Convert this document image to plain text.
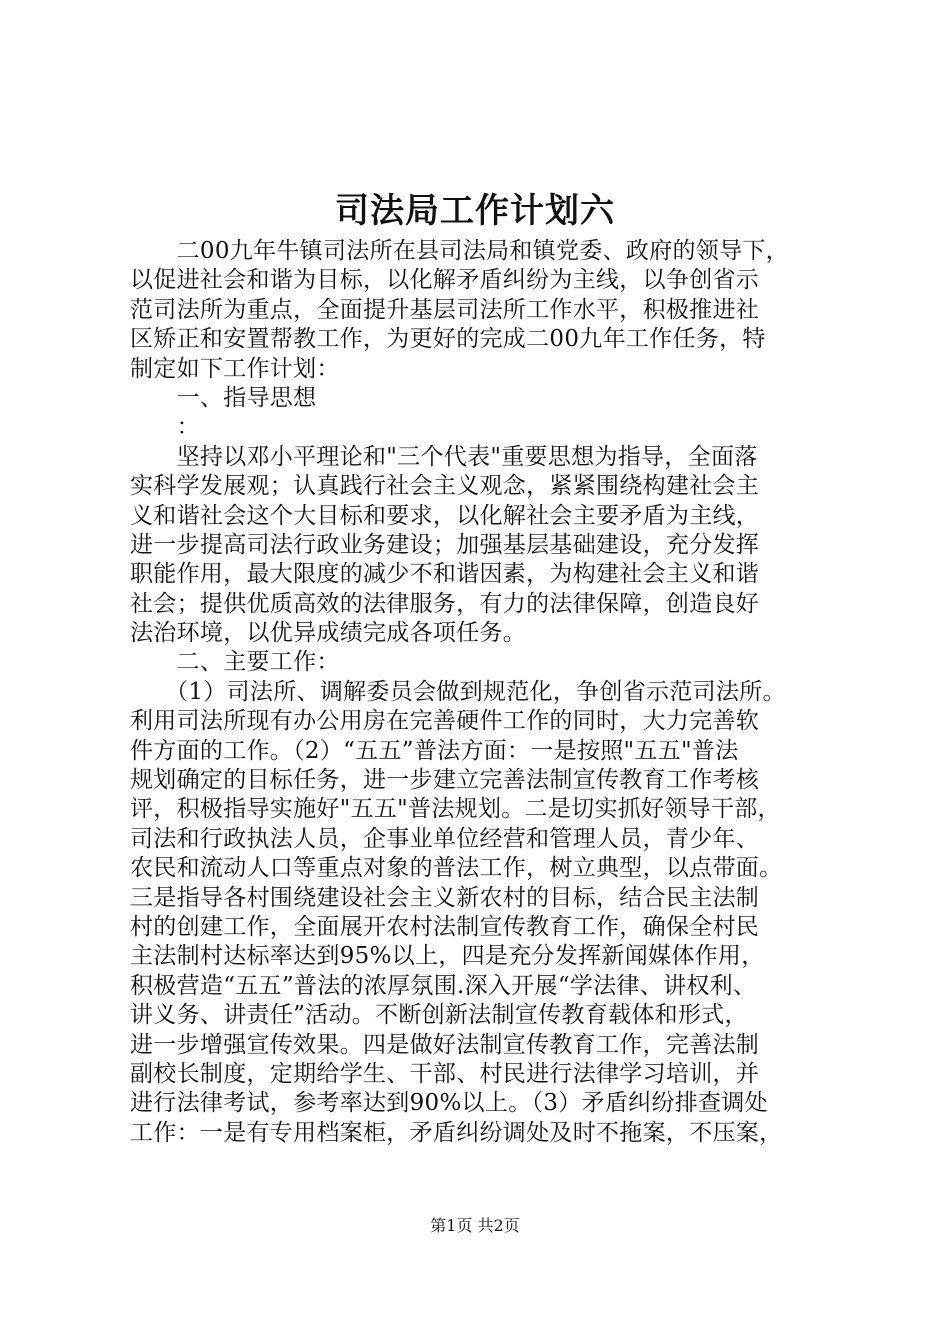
司法局工作计划六
　　二00九年牛镇司法所在县司法局和镇党委、政府的领导下，
以促进社会和谐为目标，以化解矛盾纠纷为主线，以争创省示
范司法所为重点，全面提升基层司法所工作水平，积极推进社
区矫正和安置帮教工作，为更好的完成二00九年工作任务，特
制定如下工作计划：
　　一、指导思想
　　：
　　坚持以邓小平理论和"三个代表"重要思想为指导，全面落
实科学发展观；认真践行社会主义观念，紧紧围绕构建社会主
义和谐社会这个大目标和要求，以化解社会主要矛盾为主线，
进一步提高司法行政业务建设；加强基层基础建设，充分发挥
职能作用，最大限度的减少不和谐因素，为构建社会主义和谐
社会；提供优质高效的法律服务，有力的法律保障，创造良好
法治环境，以优异成绩完成各项任务。
　　二、主要工作：
　　（1）司法所、调解委员会做到规范化，争创省示范司法所。
利用司法所现有办公用房在完善硬件工作的同时，大力完善软
件方面的工作。（2）“五五”普法方面：一是按照"五五"普法
规划确定的目标任务，进一步建立完善法制宣传教育工作考核
评，积极指导实施好"五五"普法规划。二是切实抓好领导干部，
司法和行政执法人员，企事业单位经营和管理人员，青少年、
农民和流动人口等重点对象的普法工作，树立典型，以点带面。
三是指导各村围绕建设社会主义新农村的目标，结合民主法制
村的创建工作，全面展开农村法制宣传教育工作，确保全村民
主法制村达标率达到95%以上，四是充分发挥新闻媒体作用，
积极营造“五五”普法的浓厚氛围.深入开展“学法律、讲权利、
讲义务、讲责任”活动。不断创新法制宣传教育载体和形式，
进一步增强宣传效果。四是做好法制宣传教育工作，完善法制
副校长制度，定期给学生、干部、村民进行法律学习培训，并
进行法律考试，参考率达到90%以上。（3）矛盾纠纷排查调处
工作：一是有专用档案柜，矛盾纠纷调处及时不拖案，不压案，
第1页 共2页
